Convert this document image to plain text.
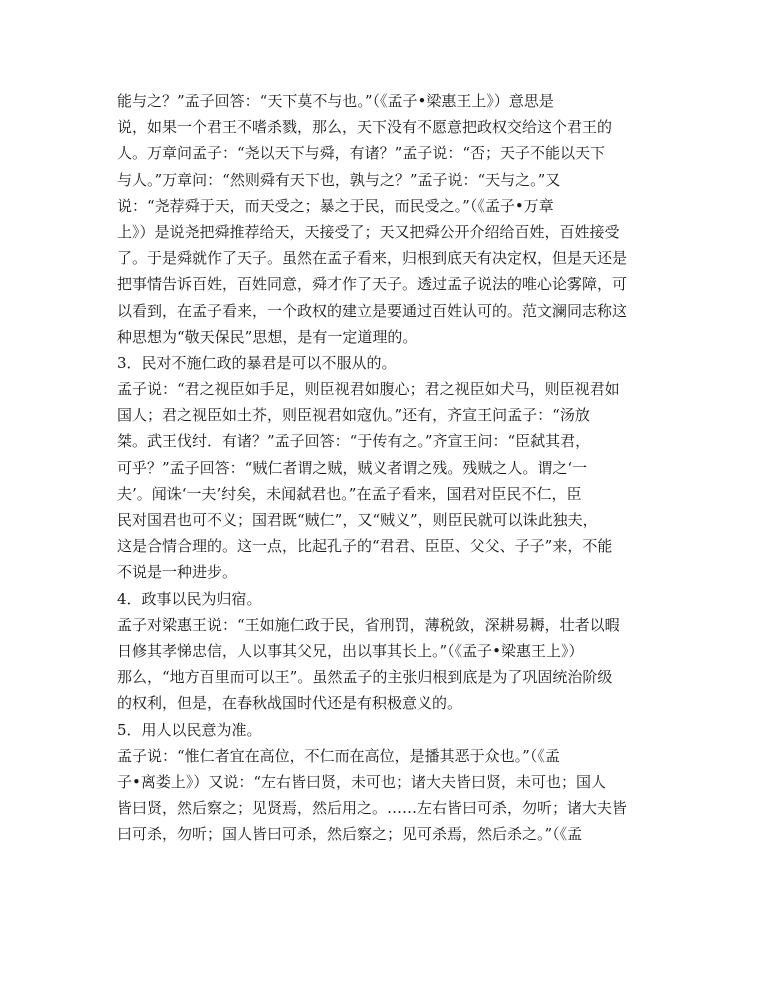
能与之？”孟子回答：“天下莫不与也。”（《孟子•梁惠王上》）意思是
说，如果一个君王不嗜杀戮，那么，天下没有不愿意把政权交给这个君王的
人。万章问孟子：“尧以天下与舜，有诸？”孟子说：“否；天子不能以天下
与人。”万章问：“然则舜有天下也，孰与之？”孟子说：“天与之。”又
说：“尧荐舜于天，而天受之；暴之于民，而民受之。”（《孟子•万章
上》）是说尧把舜推荐给天，天接受了；天又把舜公开介绍给百姓，百姓接受
了。于是舜就作了天子。虽然在孟子看来，归根到底天有决定权，但是天还是
把事情告诉百姓，百姓同意，舜才作了天子。透过孟子说法的唯心论雾障，可
以看到，在孟子看来，一个政权的建立是要通过百姓认可的。范文澜同志称这
种思想为“敬天保民”思想，是有一定道理的。
3．民对不施仁政的暴君是可以不服从的。
孟子说：“君之视臣如手足，则臣视君如腹心；君之视臣如犬马，则臣视君如
国人；君之视臣如土芥，则臣视君如寇仇。”还有，齐宣王问孟子：“汤放
桀。武王伐纣．有诸？”孟子回答：“于传有之。”齐宣王问：“臣弑其君，
可乎？”孟子回答：“贼仁者谓之贼，贼义者谓之残。残贼之人。谓之‘一
夫’。闻诛‘一夫’纣矣，未闻弑君也。”在孟子看来，国君对臣民不仁，臣
民对国君也可不义；国君既“贼仁”，又“贼义”，则臣民就可以诛此独夫，
这是合情合理的。这一点，比起孔子的“君君、臣臣、父父、子子”来，不能
不说是一种进步。
4．政事以民为归宿。
孟子对梁惠王说：“王如施仁政于民，省刑罚，薄税敛，深耕易耨，壮者以暇
日修其孝悌忠信，人以事其父兄，出以事其长上。”（《孟子•梁惠王上》）
那么，“地方百里而可以王”。虽然孟子的主张归根到底是为了巩固统治阶级
的权利，但是，在春秋战国时代还是有积极意义的。
5．用人以民意为准。
孟子说：“惟仁者宜在高位，不仁而在高位，是播其恶于众也。”（《孟
子•离娄上》）又说：“左右皆曰贤，未可也；诸大夫皆曰贤，未可也；国人
皆曰贤，然后察之；见贤焉，然后用之。……左右皆曰可杀，勿听；诸大夫皆
曰可杀，勿听；国人皆曰可杀，然后察之；见可杀焉，然后杀之。”（《孟
